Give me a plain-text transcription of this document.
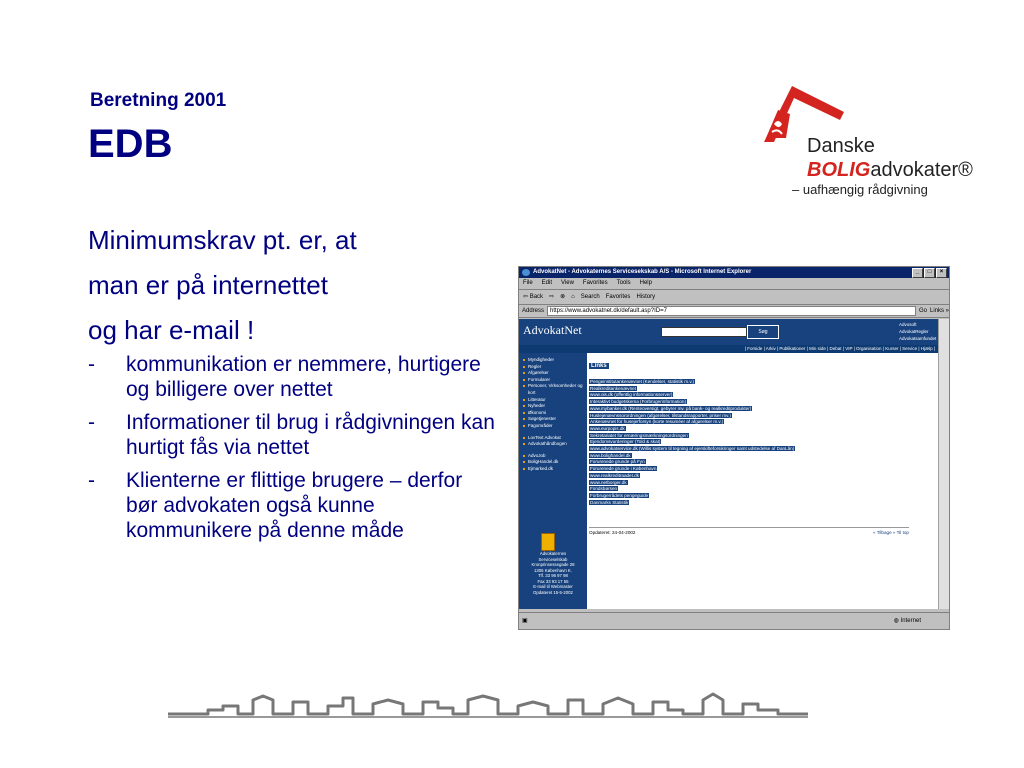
Beretning 2001
EDB
Minimumskrav pt. er, at
man er på internettet
og har e-mail !
- kommunikation er nemmere, hurtigere og billigere over nettet
- Informationer til brug i rådgivningen kan hurtigt fås via nettet
- Klienterne er flittige brugere – derfor bør advokaten også kunne kommunikere på denne måde
Danske
BOLIGadvokater®
– uafhængig rådgivning
AdvokatNet - Advokaternes Servicesekskab A/S - Microsoft Internet Explorer	_	□	×
File Edit View Favorites Tools Help
⇦ Back ⇨ ⊗ ⌂ Search Favorites History
Address	https://www.advokatnet.dk/default.asp?ID=7	Go Links »
AdvokatNet	Søg
Advosoft
AdvokatRegler
Advokatsamfundet
| Forside | Arkiv | Publikationer | Min side | Debat | VIP | Organisation | Kurser | Service | Hjælp |
Myndigheder
Regler
Afgørelser
Formularer
Personer, Virksomheder og kort
Litteratur
Nyheder
Økonomi
Søgetjenester
Fagområder
LovText Advokat
Advokathåndbogen
AdvoJob
BoligHandel.dk
Ejmarked.dk
Advokaternes
Serviceselskab
Kronprinsessegade 28
1306 København K.
Tlf. 33 96 97 98
Fax 33 93 17 55
E-mail til Webmaster
Opdateret 15-5-2002
Links
Pengeinstitutankenævnet (Kendelser, statistik m.v.)
Realkreditankenævnet
www.ois.dk (offentlig informationsserver)
Interaktivt budgetskema (Forbrugerinformation)
www.mybanker.dk (Renteoversigt, gebyrer mv. på bank- og realkreditprodukter)
Huslejenævnssorordningen (afgørelser, tilstandsrapporter, priser mv.)
Ankenævnet for husejerforsyn (korte resuméer af afgørelser m.v.)
www.eurpopis.dk
Sekretariatet for ernæringsmærkningsordningen
Ejendomsvurderinger (Told & skat)
www.advokatservice.dk (Willis system til tegning af ejerskifteforsikringer samt udstedelse af DanLån)
www.bolighandel.dk
Forurenede grunde på Fyn
Forurenede grunde i København
www.realkreditraadet.dk
www.netborger.dk
Fondsbørsen
Forbrugerrådets pengeguide
Danmarks Statistik
Opdateret: 24-04-2002	« Tilbage » Til top
▣	◍ Internet
